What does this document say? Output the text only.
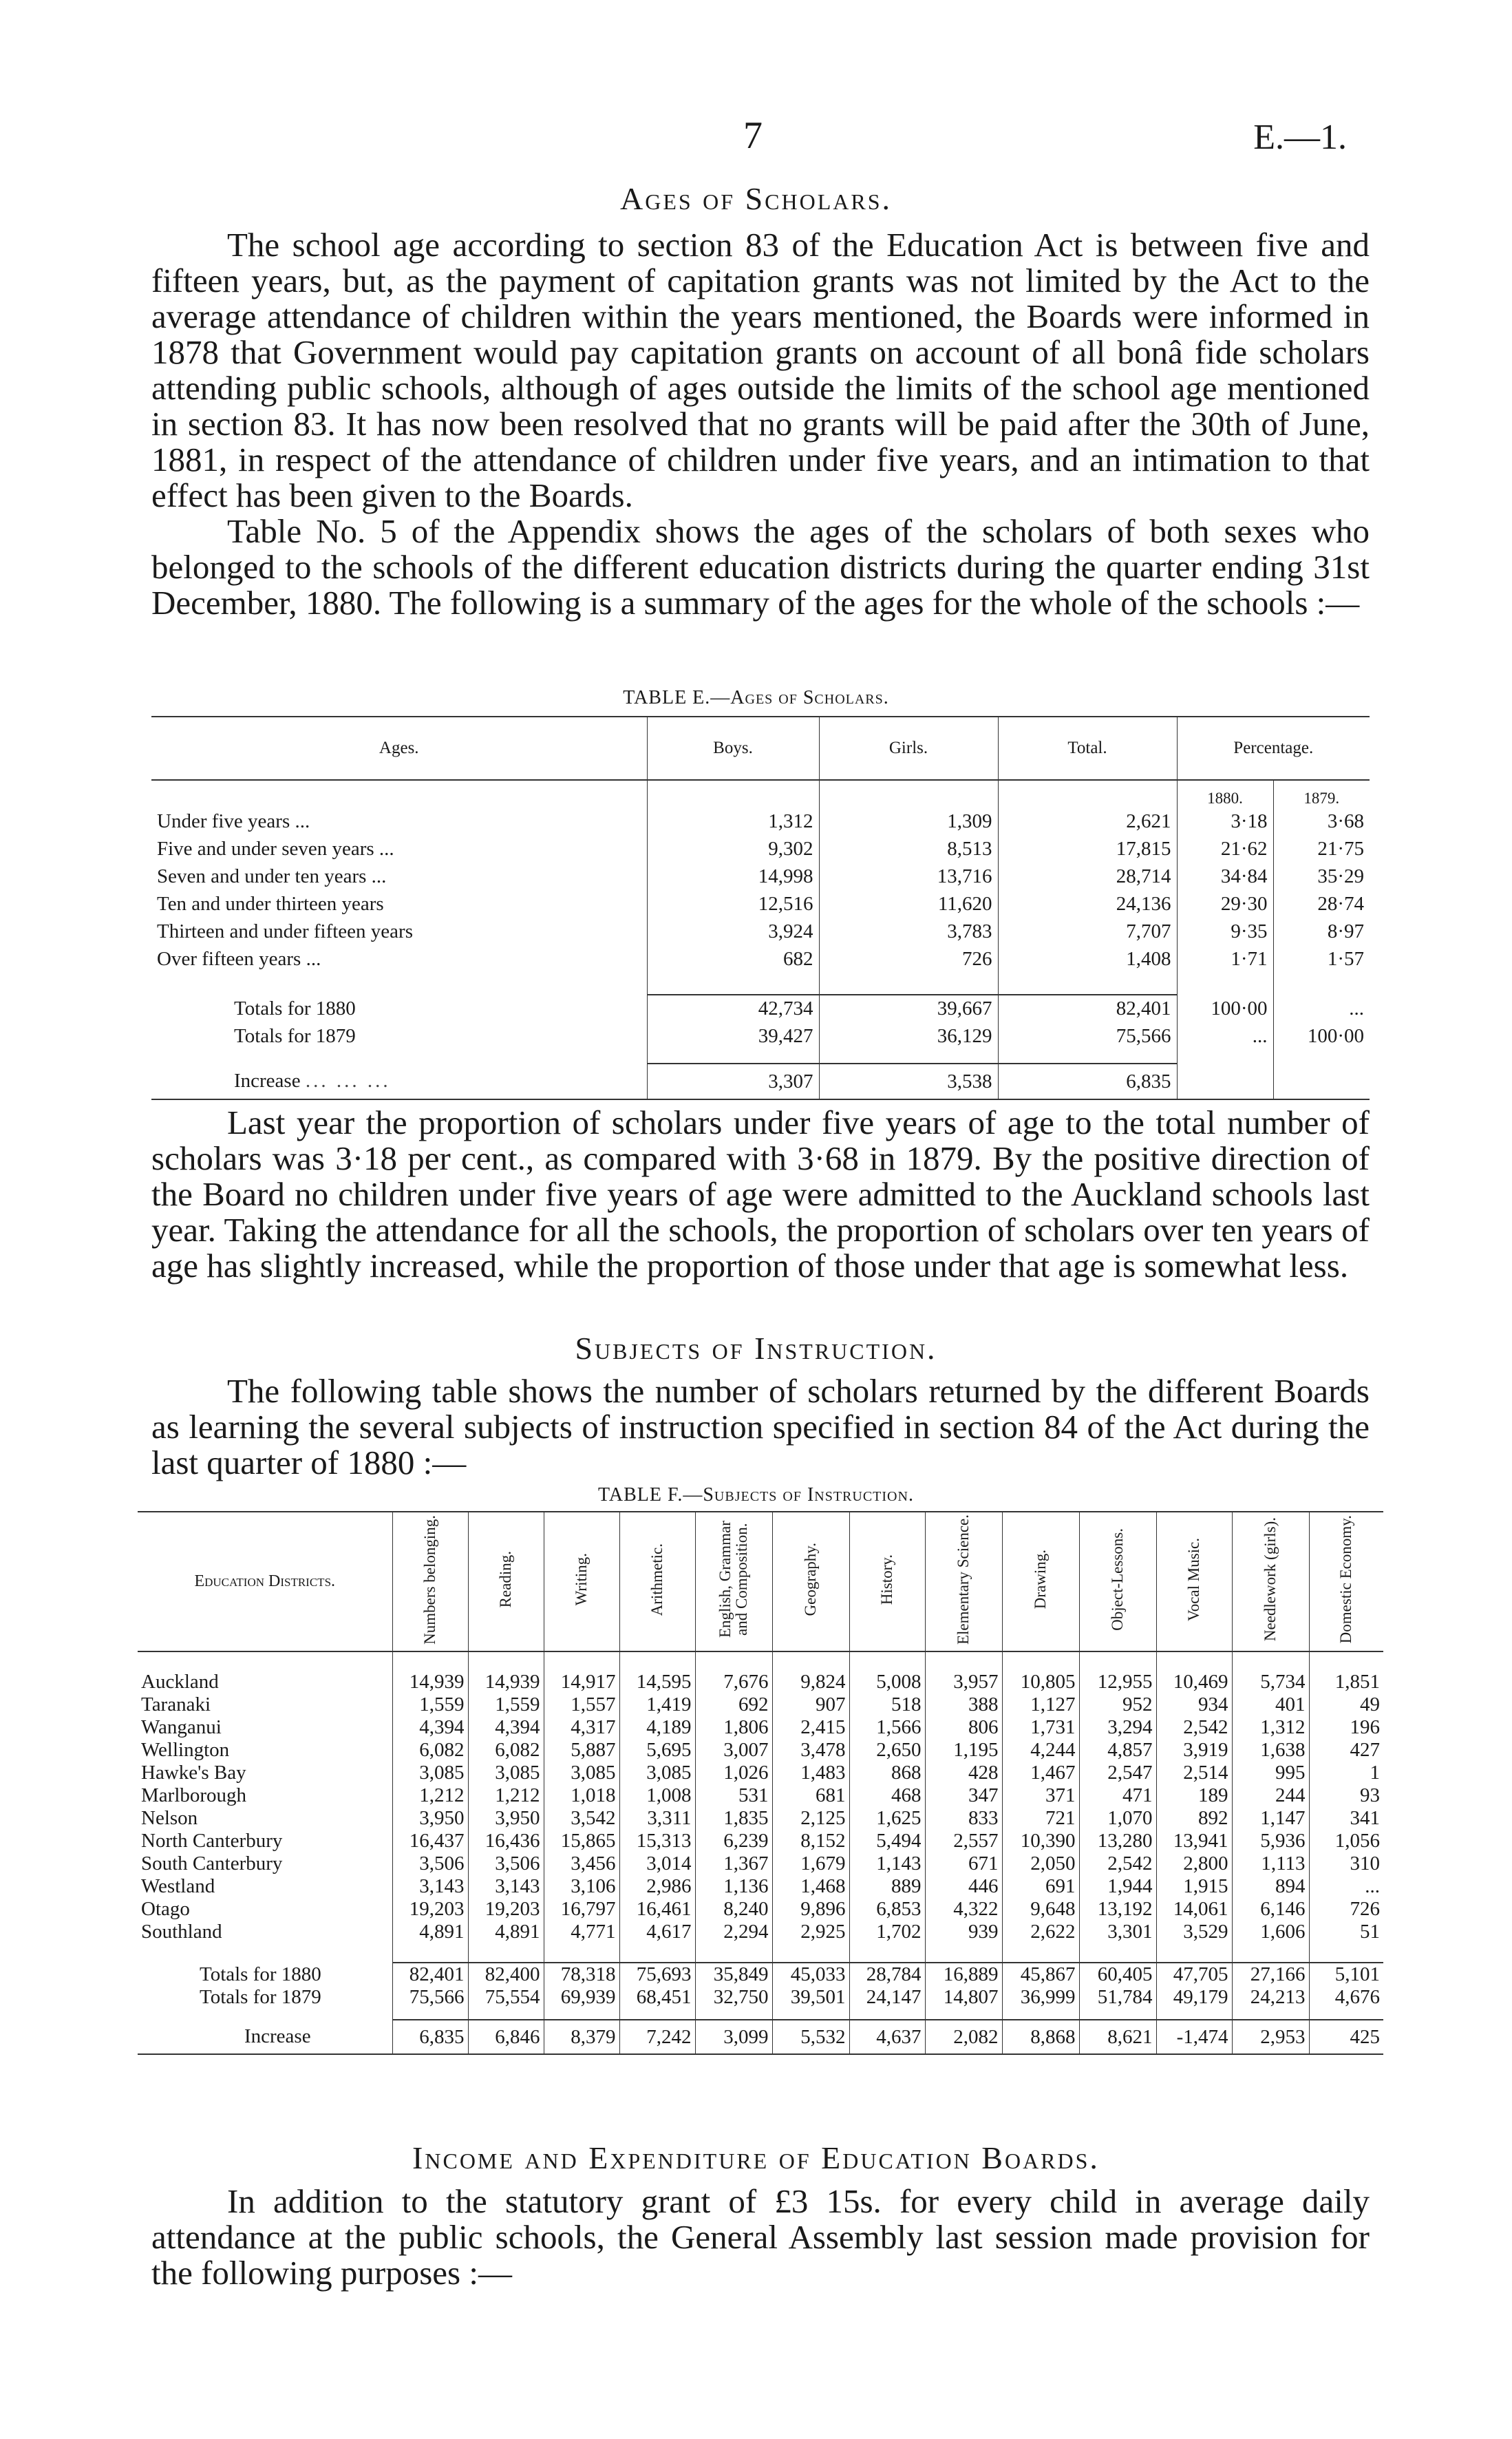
7	E.—1.
Ages of Scholars.

The school age according to section 83 of the Education Act is between five and fifteen years, but, as the payment of capitation grants was not limited by the Act to the average attendance of children within the years mentioned, the Boards were informed in 1878 that Government would pay capitation grants on account of all bonâ fide scholars attending public schools, although of ages outside the limits of the school age mentioned in section 83. It has now been resolved that no grants will be paid after the 30th of June, 1881, in respect of the attendance of children under five years, and an intimation to that effect has been given to the Boards.

Table No. 5 of the Appendix shows the ages of the scholars of both sexes who belonged to the schools of the different education districts during the quarter ending 31st December, 1880. The following is a summary of the ages for the whole of the schools :—

TABLE E.—Ages of Scholars.
Ages.	Boys.	Girls.	Total.	Percentage.	
				1880.	1879.
Under five years ...	1,312	1,309	2,621	3·18	3·68
Five and under seven years ...	9,302	8,513	17,815	21·62	21·75
Seven and under ten years ...	14,998	13,716	28,714	34·84	35·29
Ten and under thirteen years	12,516	11,620	24,136	29·30	28·74
Thirteen and under fifteen years	3,924	3,783	7,707	9·35	8·97
Over fifteen years ...	682	726	1,408	1·71	1·57

Totals for 1880	42,734	39,667	82,401	100·00	...
Totals for 1879	39,427	36,129	75,566	...	100·00

Increase ... ... ...	3,307	3,538	6,835		

Last year the proportion of scholars under five years of age to the total number of scholars was 3·18 per cent., as compared with 3·68 in 1879. By the positive direction of the Board no children under five years of age were admitted to the Auckland schools last year. Taking the attendance for all the schools, the proportion of scholars over ten years of age has slightly increased, while the proportion of those under that age is somewhat less.

Subjects of Instruction.

The following table shows the number of scholars returned by the different Boards as learning the several subjects of instruction specified in section 84 of the Act during the last quarter of 1880 :—

TABLE F.—Subjects of Instruction.
Education Districts.	Numbers belonging.	Reading.	Writing.	Arithmetic.	English, Grammar and Composition.	Geography.	History.	Elementary Science.	Drawing.	Object-Lessons.	Vocal Music.	Needlework (girls).	Domestic Economy.

Auckland	14,939	14,939	14,917	14,595	7,676	9,824	5,008	3,957	10,805	12,955	10,469	5,734	1,851
Taranaki	1,559	1,559	1,557	1,419	692	907	518	388	1,127	952	934	401	49
Wanganui	4,394	4,394	4,317	4,189	1,806	2,415	1,566	806	1,731	3,294	2,542	1,312	196
Wellington	6,082	6,082	5,887	5,695	3,007	3,478	2,650	1,195	4,244	4,857	3,919	1,638	427
Hawke's Bay	3,085	3,085	3,085	3,085	1,026	1,483	868	428	1,467	2,547	2,514	995	1
Marlborough	1,212	1,212	1,018	1,008	531	681	468	347	371	471	189	244	93
Nelson	3,950	3,950	3,542	3,311	1,835	2,125	1,625	833	721	1,070	892	1,147	341
North Canterbury	16,437	16,436	15,865	15,313	6,239	8,152	5,494	2,557	10,390	13,280	13,941	5,936	1,056
South Canterbury	3,506	3,506	3,456	3,014	1,367	1,679	1,143	671	2,050	2,542	2,800	1,113	310
Westland	3,143	3,143	3,106	2,986	1,136	1,468	889	446	691	1,944	1,915	894	...
Otago	19,203	19,203	16,797	16,461	8,240	9,896	6,853	4,322	9,648	13,192	14,061	6,146	726
Southland	4,891	4,891	4,771	4,617	2,294	2,925	1,702	939	2,622	3,301	3,529	1,606	51

Totals for 1880	82,401	82,400	78,318	75,693	35,849	45,033	28,784	16,889	45,867	60,405	47,705	27,166	5,101
Totals for 1879	75,566	75,554	69,939	68,451	32,750	39,501	24,147	14,807	36,999	51,784	49,179	24,213	4,676

Increase	6,835	6,846	8,379	7,242	3,099	5,532	4,637	2,082	8,868	8,621	-1,474	2,953	425
Income and Expenditure of Education Boards.

In addition to the statutory grant of £3 15s. for every child in average daily attendance at the public schools, the General Assembly last session made provision for the following purposes :—
